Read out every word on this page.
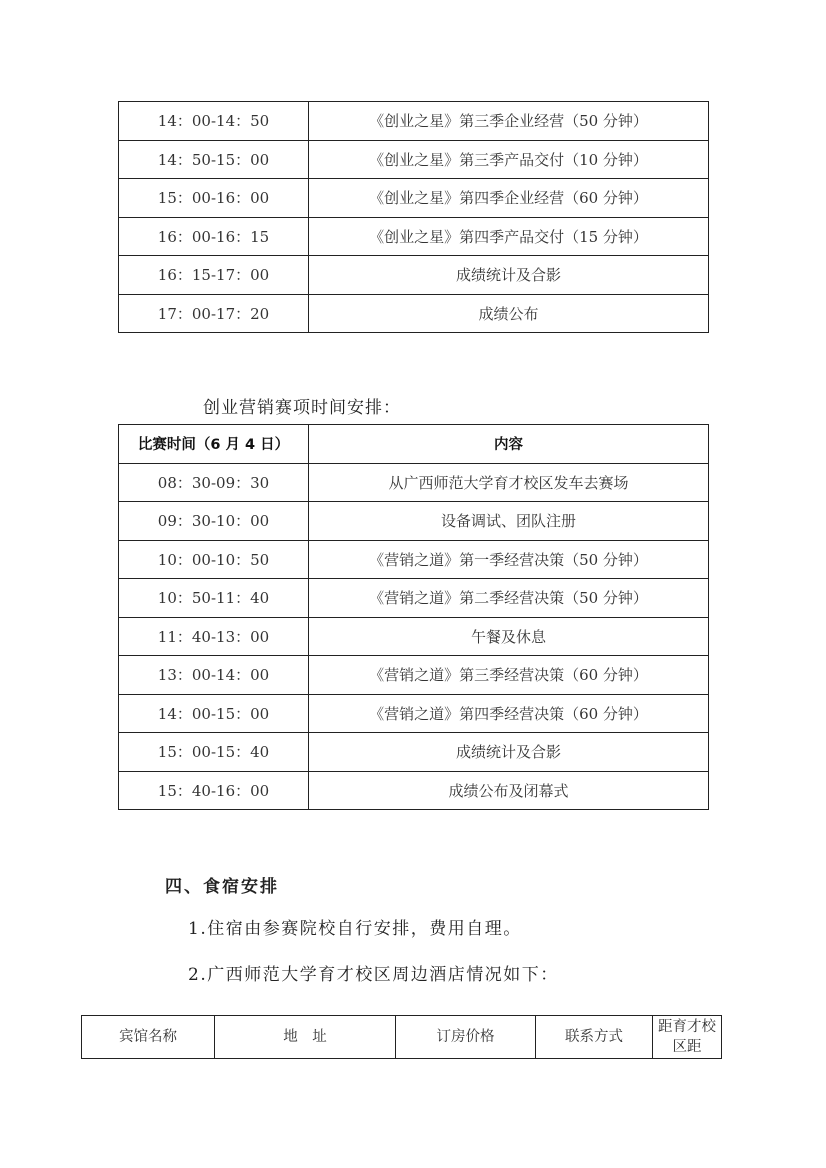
14：00-14：50	《创业之星》第三季企业经营（50 分钟）
14：50-15：00	《创业之星》第三季产品交付（10 分钟）
15：00-16：00	《创业之星》第四季企业经营（60 分钟）
16：00-16：15	《创业之星》第四季产品交付（15 分钟）
16：15-17：00	成绩统计及合影
17：00-17：20	成绩公布
创业营销赛项时间安排：
比赛时间（6 月 4 日）	内容
08：30-09：30	从广西师范大学育才校区发车去赛场
09：30-10：00	设备调试、团队注册
10：00-10：50	《营销之道》第一季经营决策（50 分钟）
10：50-11：40	《营销之道》第二季经营决策（50 分钟）
11：40-13：00	午餐及休息
13：00-14：00	《营销之道》第三季经营决策（60 分钟）
14：00-15：00	《营销之道》第四季经营决策（60 分钟）
15：00-15：40	成绩统计及合影
15：40-16：00	成绩公布及闭幕式
四、食宿安排
1.住宿由参赛院校自行安排，费用自理。
2.广西师范大学育才校区周边酒店情况如下：
宾馆名称	地　址	订房价格	联系方式	距育才校区距
